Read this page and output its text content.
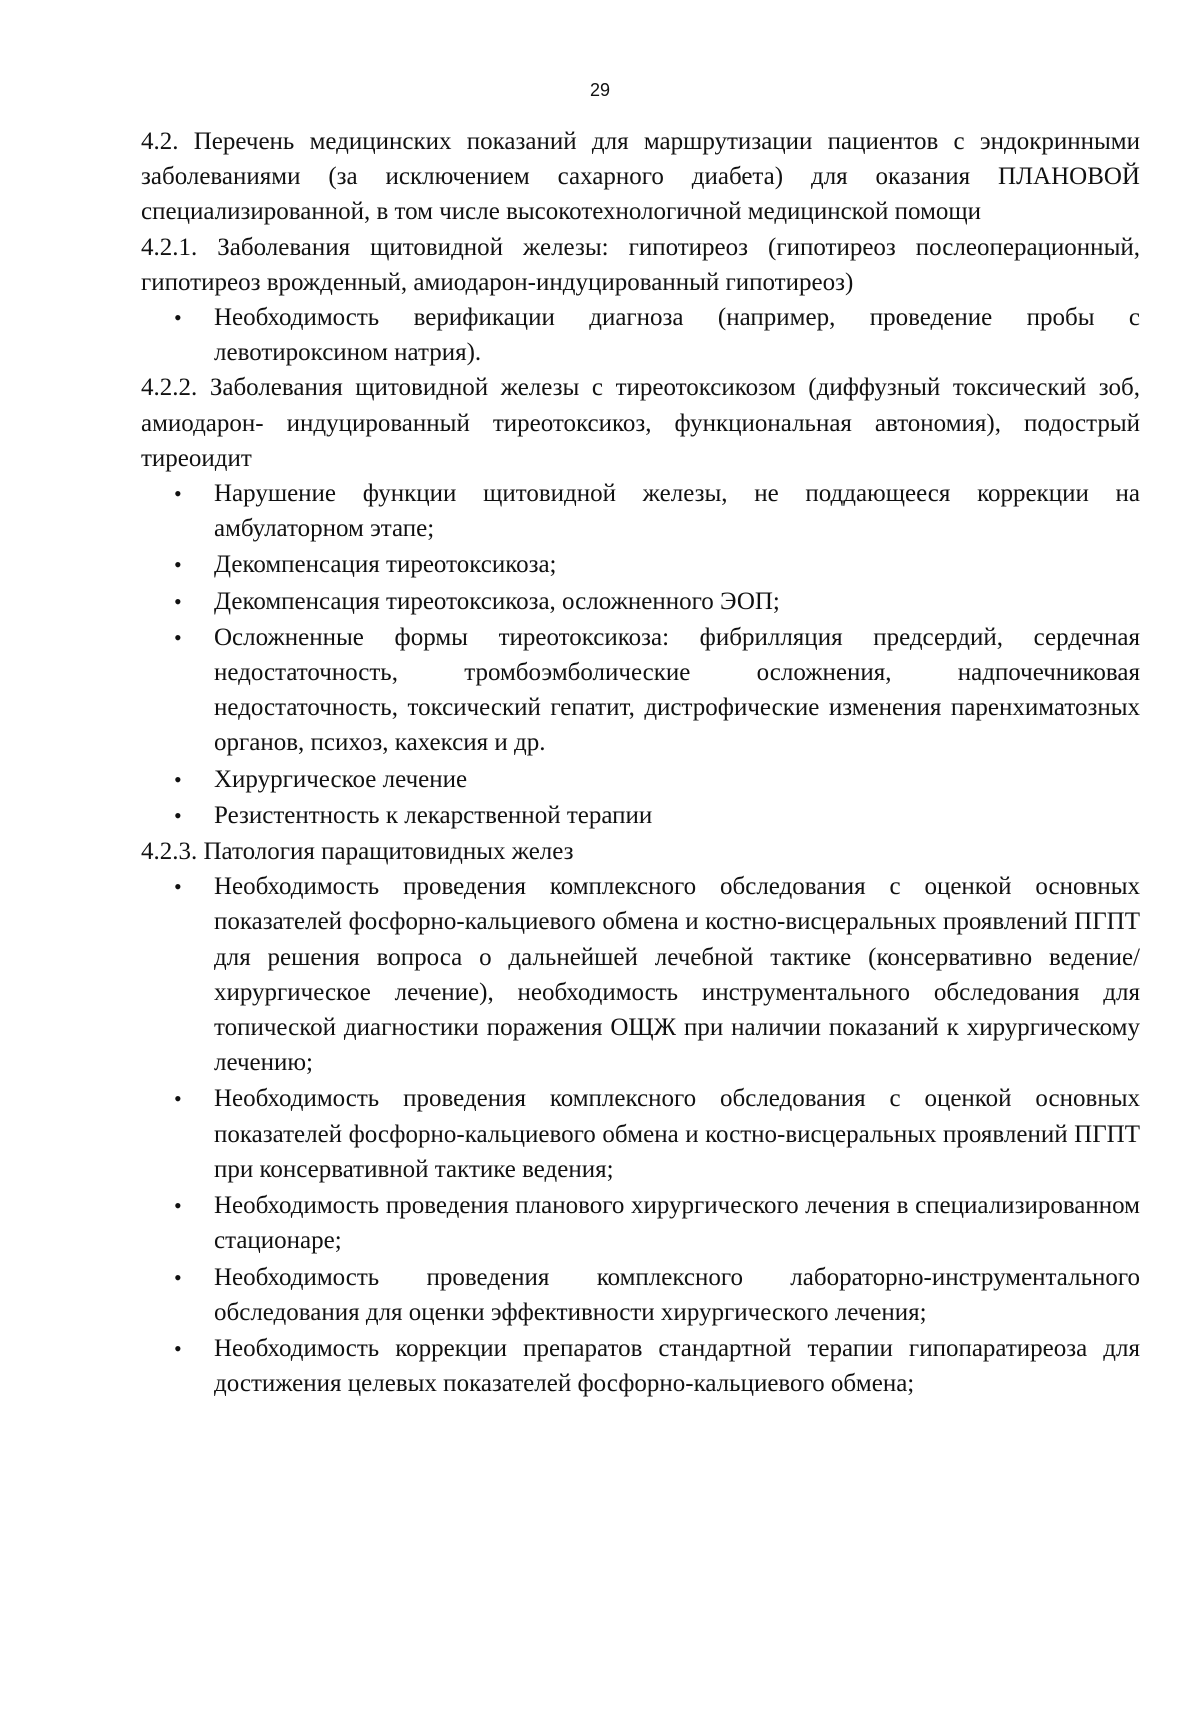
29

4.2. Перечень медицинских показаний для маршрутизации пациентов с эндокринными заболеваниями (за исключением сахарного диабета) для оказания ПЛАНОВОЙ специализированной, в том числе высокотехнологичной медицинской помощи

4.2.1. Заболевания щитовидной железы: гипотиреоз (гипотиреоз послеоперационный, гипотиреоз врожденный, амиодарон-индуцированный гипотиреоз)

• Необходимость верификации диагноза (например, проведение пробы с левотироксином натрия).

4.2.2. Заболевания щитовидной железы с тиреотоксикозом (диффузный токсический зоб, амиодарон- индуцированный тиреотоксикоз, функциональная автономия), подострый тиреоидит

• Нарушение функции щитовидной железы, не поддающееся коррекции на амбулаторном этапе;
• Декомпенсация тиреотоксикоза;
• Декомпенсация тиреотоксикоза, осложненного ЭОП;
• Осложненные формы тиреотоксикоза: фибрилляция предсердий, сердечная недостаточность, тромбоэмболические осложнения, надпочечниковая недостаточность, токсический гепатит, дистрофические изменения паренхиматозных органов, психоз, кахексия и др.
• Хирургическое лечение
• Резистентность к лекарственной терапии

4.2.3. Патология паращитовидных желез

• Необходимость проведения комплексного обследования с оценкой основных показателей фосфорно-кальциевого обмена и костно-висцеральных проявлений ПГПТ для решения вопроса о дальнейшей лечебной тактике (консервативно ведение/хирургическое лечение), необходимость инструментального обследования для топической диагностики поражения ОЩЖ при наличии показаний к хирургическому лечению;
• Необходимость проведения комплексного обследования с оценкой основных показателей фосфорно-кальциевого обмена и костно-висцеральных проявлений ПГПТ при консервативной тактике ведения;
• Необходимость проведения планового хирургического лечения в специализированном стационаре;
• Необходимость проведения комплексного лабораторно-инструментального обследования для оценки эффективности хирургического лечения;
• Необходимость коррекции препаратов стандартной терапии гипопаратиреоза для достижения целевых показателей фосфорно-кальциевого обмена;
